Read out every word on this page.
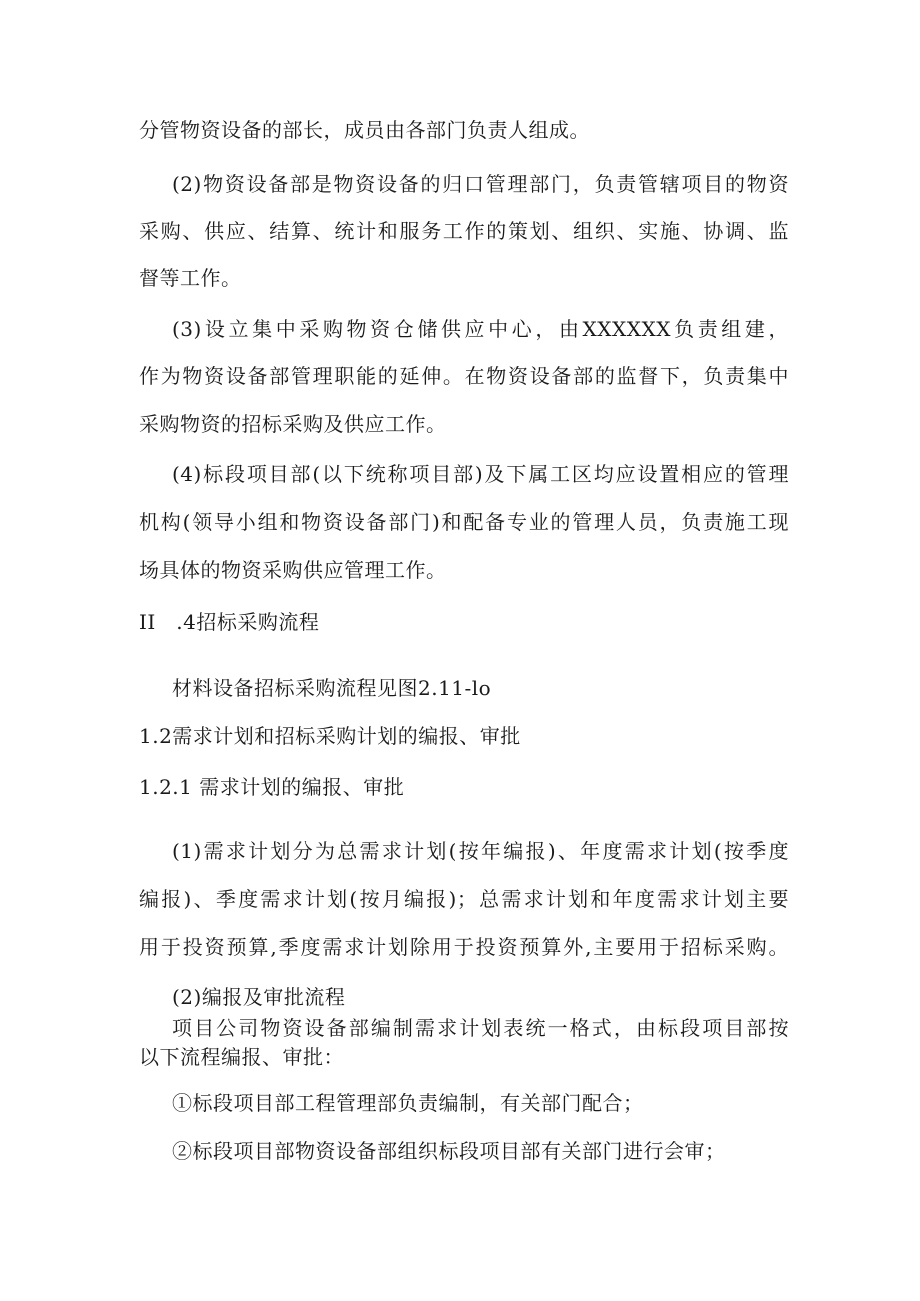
分管物资设备的部长，成员由各部门负责人组成。
(2)物资设备部是物资设备的归口管理部门，负责管辖项目的物资
采购、供应、结算、统计和服务工作的策划、组织、实施、协调、监
督等工作。
(3)设立集中采购物资仓储供应中心，由XXXXXX负责组建，
作为物资设备部管理职能的延伸。在物资设备部的监督下，负责集中
采购物资的招标采购及供应工作。
(4)标段项目部(以下统称项目部)及下属工区均应设置相应的管理
机构(领导小组和物资设备部门)和配备专业的管理人员，负责施工现
场具体的物资采购供应管理工作。
II　.4招标采购流程
材料设备招标采购流程见图2.11-lo
1.2需求计划和招标采购计划的编报、审批
1.2.1 需求计划的编报、审批
(1)需求计划分为总需求计划(按年编报)、年度需求计划(按季度
编报)、季度需求计划(按月编报)；总需求计划和年度需求计划主要
用于投资预算,季度需求计划除用于投资预算外,主要用于招标采购。
(2)编报及审批流程
项目公司物资设备部编制需求计划表统一格式，由标段项目部按
以下流程编报、审批：
①标段项目部工程管理部负责编制，有关部门配合；
②标段项目部物资设备部组织标段项目部有关部门进行会审；
